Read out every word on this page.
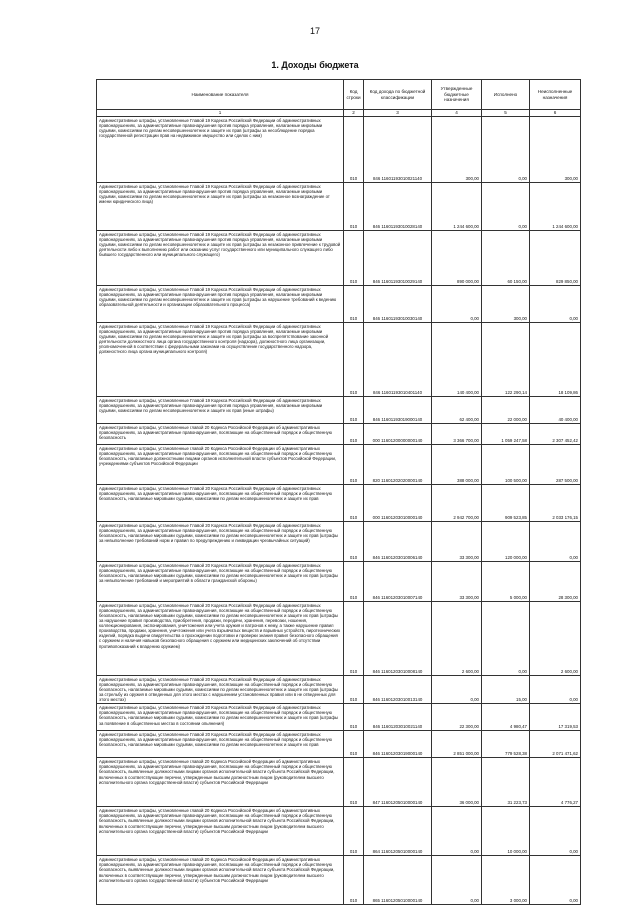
17
1. Доходы бюджета
Наименование показателя	Код строки	Код дохода по бюджетной классификации	Утвержденные бюджетные назначения	Исполнено	Неисполненные назначения
1	2	3	4	5	6
Административные штрафы, установленные Главой 19 Кодекса Российской Федерации об административных правонарушениях, за административные правонарушения против порядка управления, налагаемые мировыми судьями, комиссиями по делам несовершеннолетних и защите их прав (штрафы за несоблюдение порядка государственной регистрации прав на недвижимое имущество или сделок с ним)	010	846 11601193010021140	300,00	0,00	300,00
Административные штрафы, установленные Главой 19 Кодекса Российской Федерации об административных правонарушениях, за административные правонарушения против порядка управления, налагаемые мировыми судьями, комиссиями по делам несовершеннолетних и защите их прав (штрафы за незаконное вознаграждение от имени юридического лица)	010	846 11601193010028140	1 244 600,00	0,00	1 244 600,00
Административные штрафы, установленные Главой 19 Кодекса Российской Федерации об административных правонарушениях, за административные правонарушения против порядка управления, налагаемые мировыми судьями, комиссиями по делам несовершеннолетних и защите их прав (штрафы за незаконное привлечение к трудовой деятельности либо к выполнению работ или оказанию услуг государственного или муниципального служащего либо бывшего государственного или муниципального служащего)	010	846 11601193010029140	890 000,00	60 150,00	829 850,00
Административные штрафы, установленные Главой 19 Кодекса Российской Федерации об административных правонарушениях, за административные правонарушения против порядка управления, налагаемые мировыми судьями, комиссиями по делам несовершеннолетних и защите их прав (штрафы за нарушение требований к ведению образовательной деятельности и организации образовательного процесса)	010	846 11601193010030140	0,00	300,00	0,00
Административные штрафы, установленные Главой 19 Кодекса Российской Федерации об административных правонарушениях, за административные правонарушения против порядка управления, налагаемые мировыми судьями, комиссиями по делам несовершеннолетних и защите их прав (штрафы за воспрепятствование законной деятельности должностного лица органа государственного контроля (надзора), должностного лица организации, уполномоченной в соответствии с федеральными законами на осуществление государственного надзора, должностного лица органа муниципального контроля)	010	846 11601193010401140	140 400,00	122 290,14	18 109,86
Административные штрафы, установленные Главой 19 Кодекса Российской Федерации об административных правонарушениях, за административные правонарушения против порядка управления, налагаемые мировыми судьями, комиссиями по делам несовершеннолетних и защите их прав (иные штрафы)	010	846 11601193019000140	62 400,00	22 000,00	40 400,00
Административные штрафы, установленные главой 20 Кодекса Российской Федерации об административных правонарушениях, за административные правонарушения, посягающие на общественный порядок и общественную безопасность	010	000 11601200000000140	3 366 700,00	1 059 247,58	2 307 452,42
Административные штрафы, установленные главой 20 Кодекса Российской Федерации об административных правонарушениях, за административные правонарушения, посягающие на общественный порядок и общественную безопасность, налагаемые должностными лицами органов исполнительной власти субъектов Российской Федерации, учреждениями субъектов Российской Федерации	010	820 11601202020000140	388 000,00	100 500,00	287 500,00
Административные штрафы, установленные Главой 20 Кодекса Российской Федерации об административных правонарушениях, за административные правонарушения, посягающие на общественный порядок и общественную безопасность, налагаемые мировыми судьями, комиссиями по делам несовершеннолетних и защите их прав	010	000 11601203010000140	2 942 700,00	909 523,85	2 033 176,15
Административные штрафы, установленные Главой 20 Кодекса Российской Федерации об административных правонарушениях, за административные правонарушения, посягающие на общественный порядок и общественную безопасность, налагаемые мировыми судьями, комиссиями по делам несовершеннолетних и защите их прав (штрафы за невыполнение требований норм и правил по предупреждению и ликвидации чрезвычайных ситуаций)	010	846 11601203010006140	33 300,00	120 000,00	0,00
Административные штрафы, установленные Главой 20 Кодекса Российской Федерации об административных правонарушениях, за административные правонарушения, посягающие на общественный порядок и общественную безопасность, налагаемые мировыми судьями, комиссиями по делам несовершеннолетних и защите их прав (штрафы за невыполнение требований и мероприятий в области гражданской обороны)	010	846 11601203010007140	33 300,00	5 000,00	28 300,00
Административные штрафы, установленные Главой 20 Кодекса Российской Федерации об административных правонарушениях, за административные правонарушения, посягающие на общественный порядок и общественную безопасность, налагаемые мировыми судьями, комиссиями по делам несовершеннолетних и защите их прав (штрафы за нарушение правил производства, приобретения, продажи, передачи, хранения, перевозки, ношения, коллекционирования, экспонирования, уничтожения или учета оружия и патронов к нему, а также нарушение правил производства, продажи, хранения, уничтожения или учета взрывчатых веществ и взрывных устройств, пиротехнических изделий, порядка выдачи свидетельства о прохождении подготовки и проверки знания правил безопасного обращения с оружием и наличия навыков безопасного обращения с оружием или медицинских заключений об отсутствии противопоказаний к владению оружием)	010	846 11601203010008140	2 600,00	0,00	2 600,00
Административные штрафы, установленные Главой 20 Кодекса Российской Федерации об административных правонарушениях, за административные правонарушения, посягающие на общественный порядок и общественную безопасность, налагаемые мировыми судьями, комиссиями по делам несовершеннолетних и защите их прав (штрафы за стрельбу из оружия в отведенных для этого местах с нарушением установленных правил или в не отведенных для этого местах)	010	846 11601203010013140	0,00	15,00	0,00
Административные штрафы, установленные Главой 20 Кодекса Российской Федерации об административных правонарушениях, за административные правонарушения, посягающие на общественный порядок и общественную безопасность, налагаемые мировыми судьями, комиссиями по делам несовершеннолетних и защите их прав (штрафы за появление в общественных местах в состоянии опьянения)	010	846 11601203010021140	22 300,00	4 980,47	17 319,53
Административные штрафы, установленные Главой 20 Кодекса Российской Федерации об административных правонарушениях, за административные правонарушения, посягающие на общественный порядок и общественную безопасность, налагаемые мировыми судьями, комиссиями по делам несовершеннолетних и защите их прав	010	846 11601203019000140	2 851 000,00	779 528,38	2 071 471,62
Административные штрафы, установленные главой 20 Кодекса Российской Федерации об административных правонарушениях, за административные правонарушения, посягающие на общественный порядок и общественную безопасность, выявленные должностными лицами органов исполнительной власти субъекта Российской Федерации, включенных в соответствующие перечни, утвержденные высшим должностным лицом (руководителем высшего исполнительного органа государственной власти) субъектов Российской Федерации	010	847 11601205010000140	36 000,00	31 223,73	4 776,27
Административные штрафы, установленные главой 20 Кодекса Российской Федерации об административных правонарушениях, за административные правонарушения, посягающие на общественный порядок и общественную безопасность, выявленные должностными лицами органов исполнительной власти субъекта Российской Федерации, включенных в соответствующие перечни, утвержденные высшим должностным лицом (руководителем высшего исполнительного органа государственной власти) субъектов Российской Федерации	010	864 11601205010000140	0,00	10 000,00	0,00
Административные штрафы, установленные главой 20 Кодекса Российской Федерации об административных правонарушениях, за административные правонарушения, посягающие на общественный порядок и общественную безопасность, выявленные должностными лицами органов исполнительной власти субъекта Российской Федерации, включенных в соответствующие перечни, утвержденные высшим должностным лицом (руководителем высшего исполнительного органа государственной власти) субъектов Российской Федерации	010	865 11601205010000140	0,00	3 000,00	0,00
